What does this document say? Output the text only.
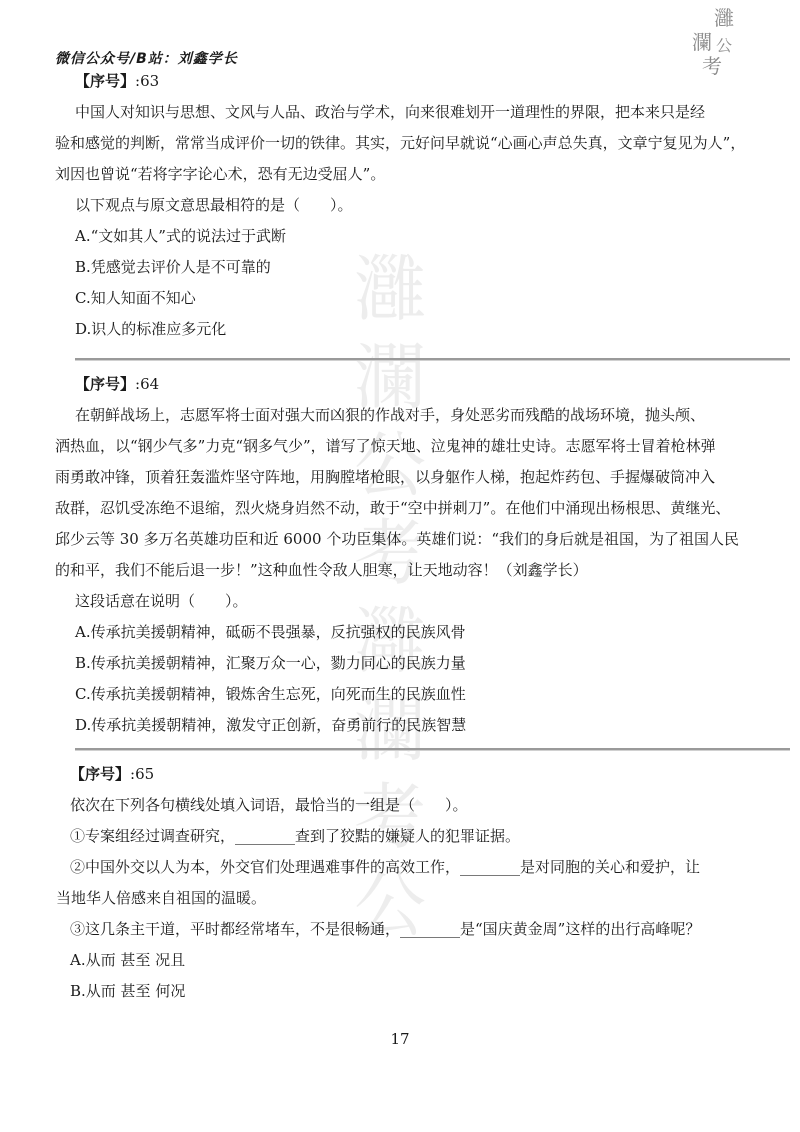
微信公众号/B站：刘鑫学长
灉
瀾 公
考
灉
瀾
公
考
灉
瀾
考
公
【序号】:63
中国人对知识与思想、文风与人品、政治与学术，向来很难划开一道理性的界限，把本来只是经
验和感觉的判断，常常当成评价一切的铁律。其实，元好问早就说“心画心声总失真，文章宁复见为人”，
刘因也曾说“若将字字论心术，恐有无边受屈人”。
以下观点与原文意思最相符的是（　　）。
A.“文如其人”式的说法过于武断
B.凭感觉去评价人是不可靠的
C.知人知面不知心
D.识人的标准应多元化
【序号】:64
在朝鲜战场上，志愿军将士面对强大而凶狠的作战对手，身处恶劣而残酷的战场环境，抛头颅、
洒热血，以“钢少气多”力克“钢多气少”，谱写了惊天地、泣鬼神的雄壮史诗。志愿军将士冒着枪林弹
雨勇敢冲锋，顶着狂轰滥炸坚守阵地，用胸膛堵枪眼，以身躯作人梯，抱起炸药包、手握爆破筒冲入
敌群，忍饥受冻绝不退缩，烈火烧身岿然不动，敢于“空中拼刺刀”。在他们中涌现出杨根思、黄继光、
邱少云等 30 多万名英雄功臣和近 6000 个功臣集体。英雄们说：“我们的身后就是祖国，为了祖国人民
的和平，我们不能后退一步！”这种血性令敌人胆寒，让天地动容！（刘鑫学长）
这段话意在说明（　　）。
A.传承抗美援朝精神，砥砺不畏强暴，反抗强权的民族风骨
B.传承抗美援朝精神，汇聚万众一心，勠力同心的民族力量
C.传承抗美援朝精神，锻炼舍生忘死，向死而生的民族血性
D.传承抗美援朝精神，激发守正创新，奋勇前行的民族智慧
【序号】:65
依次在下列各句横线处填入词语，最恰当的一组是（　　）。
①专案组经过调查研究，________查到了狡黠的嫌疑人的犯罪证据。
②中国外交以人为本，外交官们处理遇难事件的高效工作，________是对同胞的关心和爱护，让
当地华人倍感来自祖国的温暖。
③这几条主干道，平时都经常堵车，不是很畅通，________是“国庆黄金周”这样的出行高峰呢？
A.从而 甚至 况且
B.从而 甚至 何况
17
